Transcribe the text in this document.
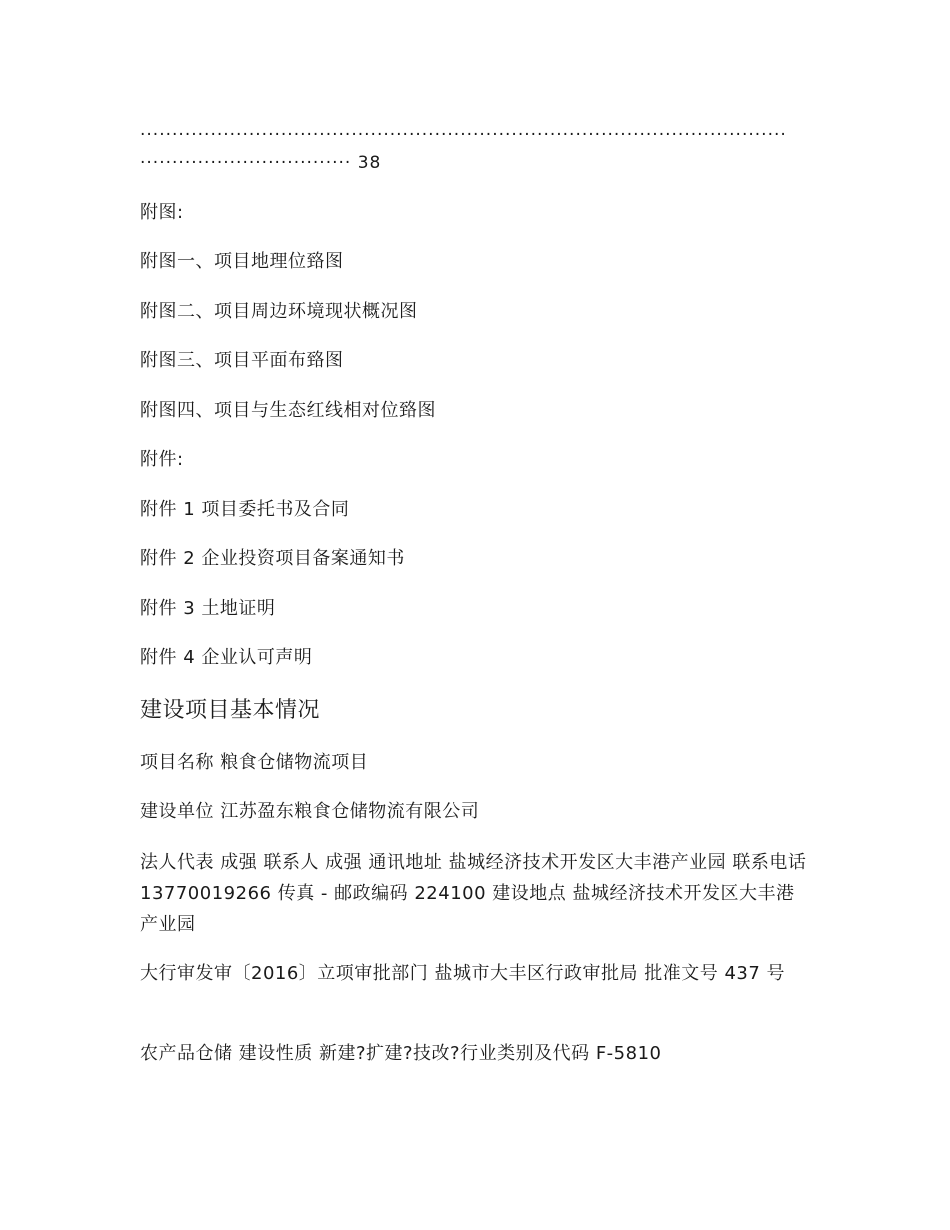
·····································································································
································· 38
附图:
附图一、项目地理位臵图
附图二、项目周边环境现状概况图
附图三、项目平面布臵图
附图四、项目与生态红线相对位臵图
附件:
附件 1 项目委托书及合同
附件 2 企业投资项目备案通知书
附件 3 土地证明
附件 4 企业认可声明
建设项目基本情况
项目名称 粮食仓储物流项目
建设单位 江苏盈东粮食仓储物流有限公司
法人代表 成强 联系人 成强 通讯地址 盐城经济技术开发区大丰港产业园 联系电话 13770019266 传真 - 邮政编码 224100 建设地点 盐城经济技术开发区大丰港产业园
大行审发审〔2016〕立项审批部门 盐城市大丰区行政审批局 批准文号 437 号
农产品仓储 建设性质 新建?扩建?技改?行业类别及代码 F-5810
